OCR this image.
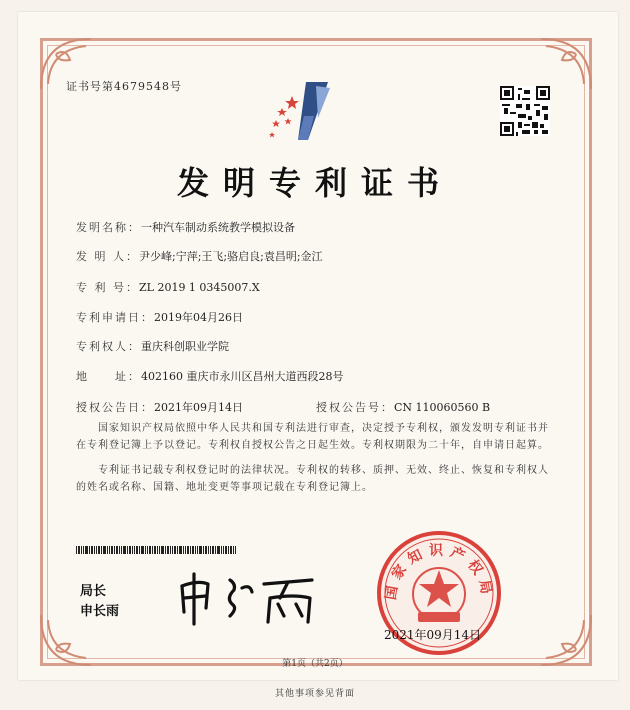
证书号第4679548号
发明专利证书
发明名称：一种汽车制动系统教学模拟设备
发 明 人：尹少峰;宁萍;王飞;骆启良;袁昌明;金江
专 利 号：ZL 2019 1 0345007.X
专利申请日：2019年04月26日
专利权人：重庆科创职业学院
地　　址：402160 重庆市永川区昌州大道西段28号
授权公告日：2021年09月14日	授权公告号：CN 110060560 B
国家知识产权局依照中华人民共和国专利法进行审查，决定授予专利权，颁发发明专利证书并在专利登记簿上予以登记。专利权自授权公告之日起生效。专利权期限为二十年，自申请日起算。
专利证书记载专利权登记时的法律状况。专利权的转移、质押、无效、终止、恢复和专利权人的姓名或名称、国籍、地址变更等事项记载在专利登记簿上。
局长
申长雨
国家知识产权局
2021年09月14日
第1页（共2页）
其他事项参见背面
